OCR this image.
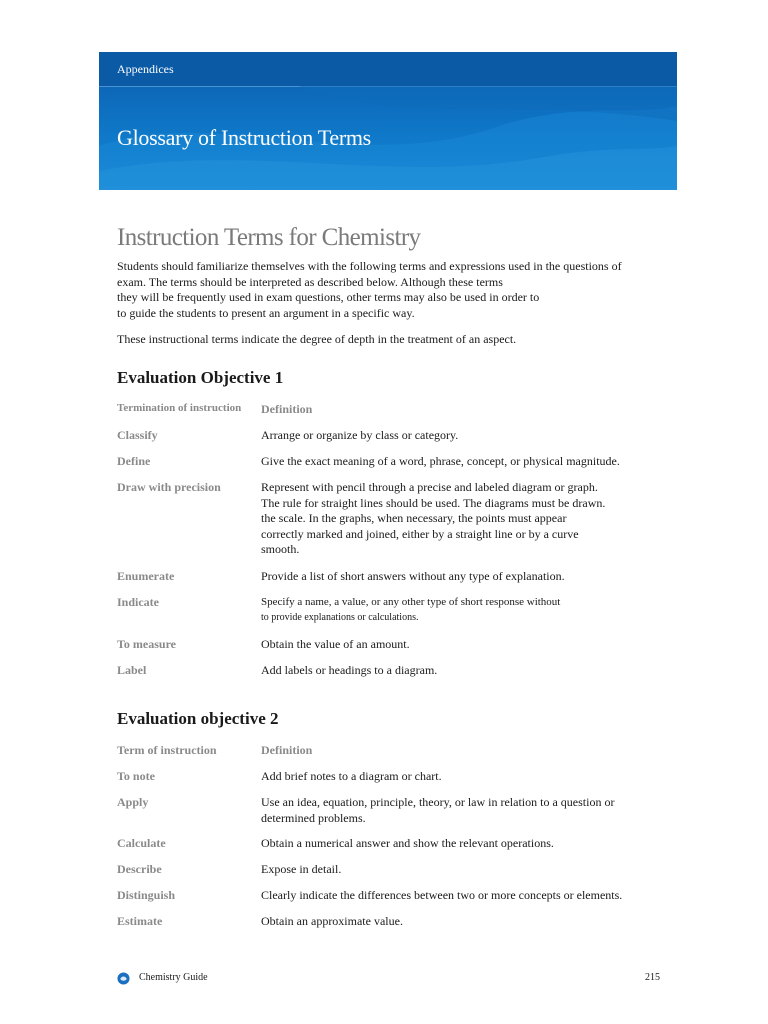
Appendices
Glossary of Instruction Terms
Instruction Terms for Chemistry

Students should familiarize themselves with the following terms and expressions used in the questions of
exam. The terms should be interpreted as described below. Although these terms
they will be frequently used in exam questions, other terms may also be used in order to
to guide the students to present an argument in a specific way.

These instructional terms indicate the degree of depth in the treatment of an aspect.

Evaluation Objective 1
Termination of instruction	Definition
Classify	Arrange or organize by class or category.
Define	Give the exact meaning of a word, phrase, concept, or physical magnitude.
Draw with precision	Represent with pencil through a precise and labeled diagram or graph.
The rule for straight lines should be used. The diagrams must be drawn.
the scale. In the graphs, when necessary, the points must appear
correctly marked and joined, either by a straight line or by a curve
smooth.
Enumerate	Provide a list of short answers without any type of explanation.
Indicate	Specify a name, a value, or any other type of short response without
to provide explanations or calculations.
To measure	Obtain the value of an amount.
Label	Add labels or headings to a diagram.
Evaluation objective 2
Term of instruction	Definition
To note	Add brief notes to a diagram or chart.
Apply	Use an idea, equation, principle, theory, or law in relation to a question or
determined problems.
Calculate	Obtain a numerical answer and show the relevant operations.
Describe	Expose in detail.
Distinguish	Clearly indicate the differences between two or more concepts or elements.
Estimate	Obtain an approximate value.
Chemistry Guide	215
